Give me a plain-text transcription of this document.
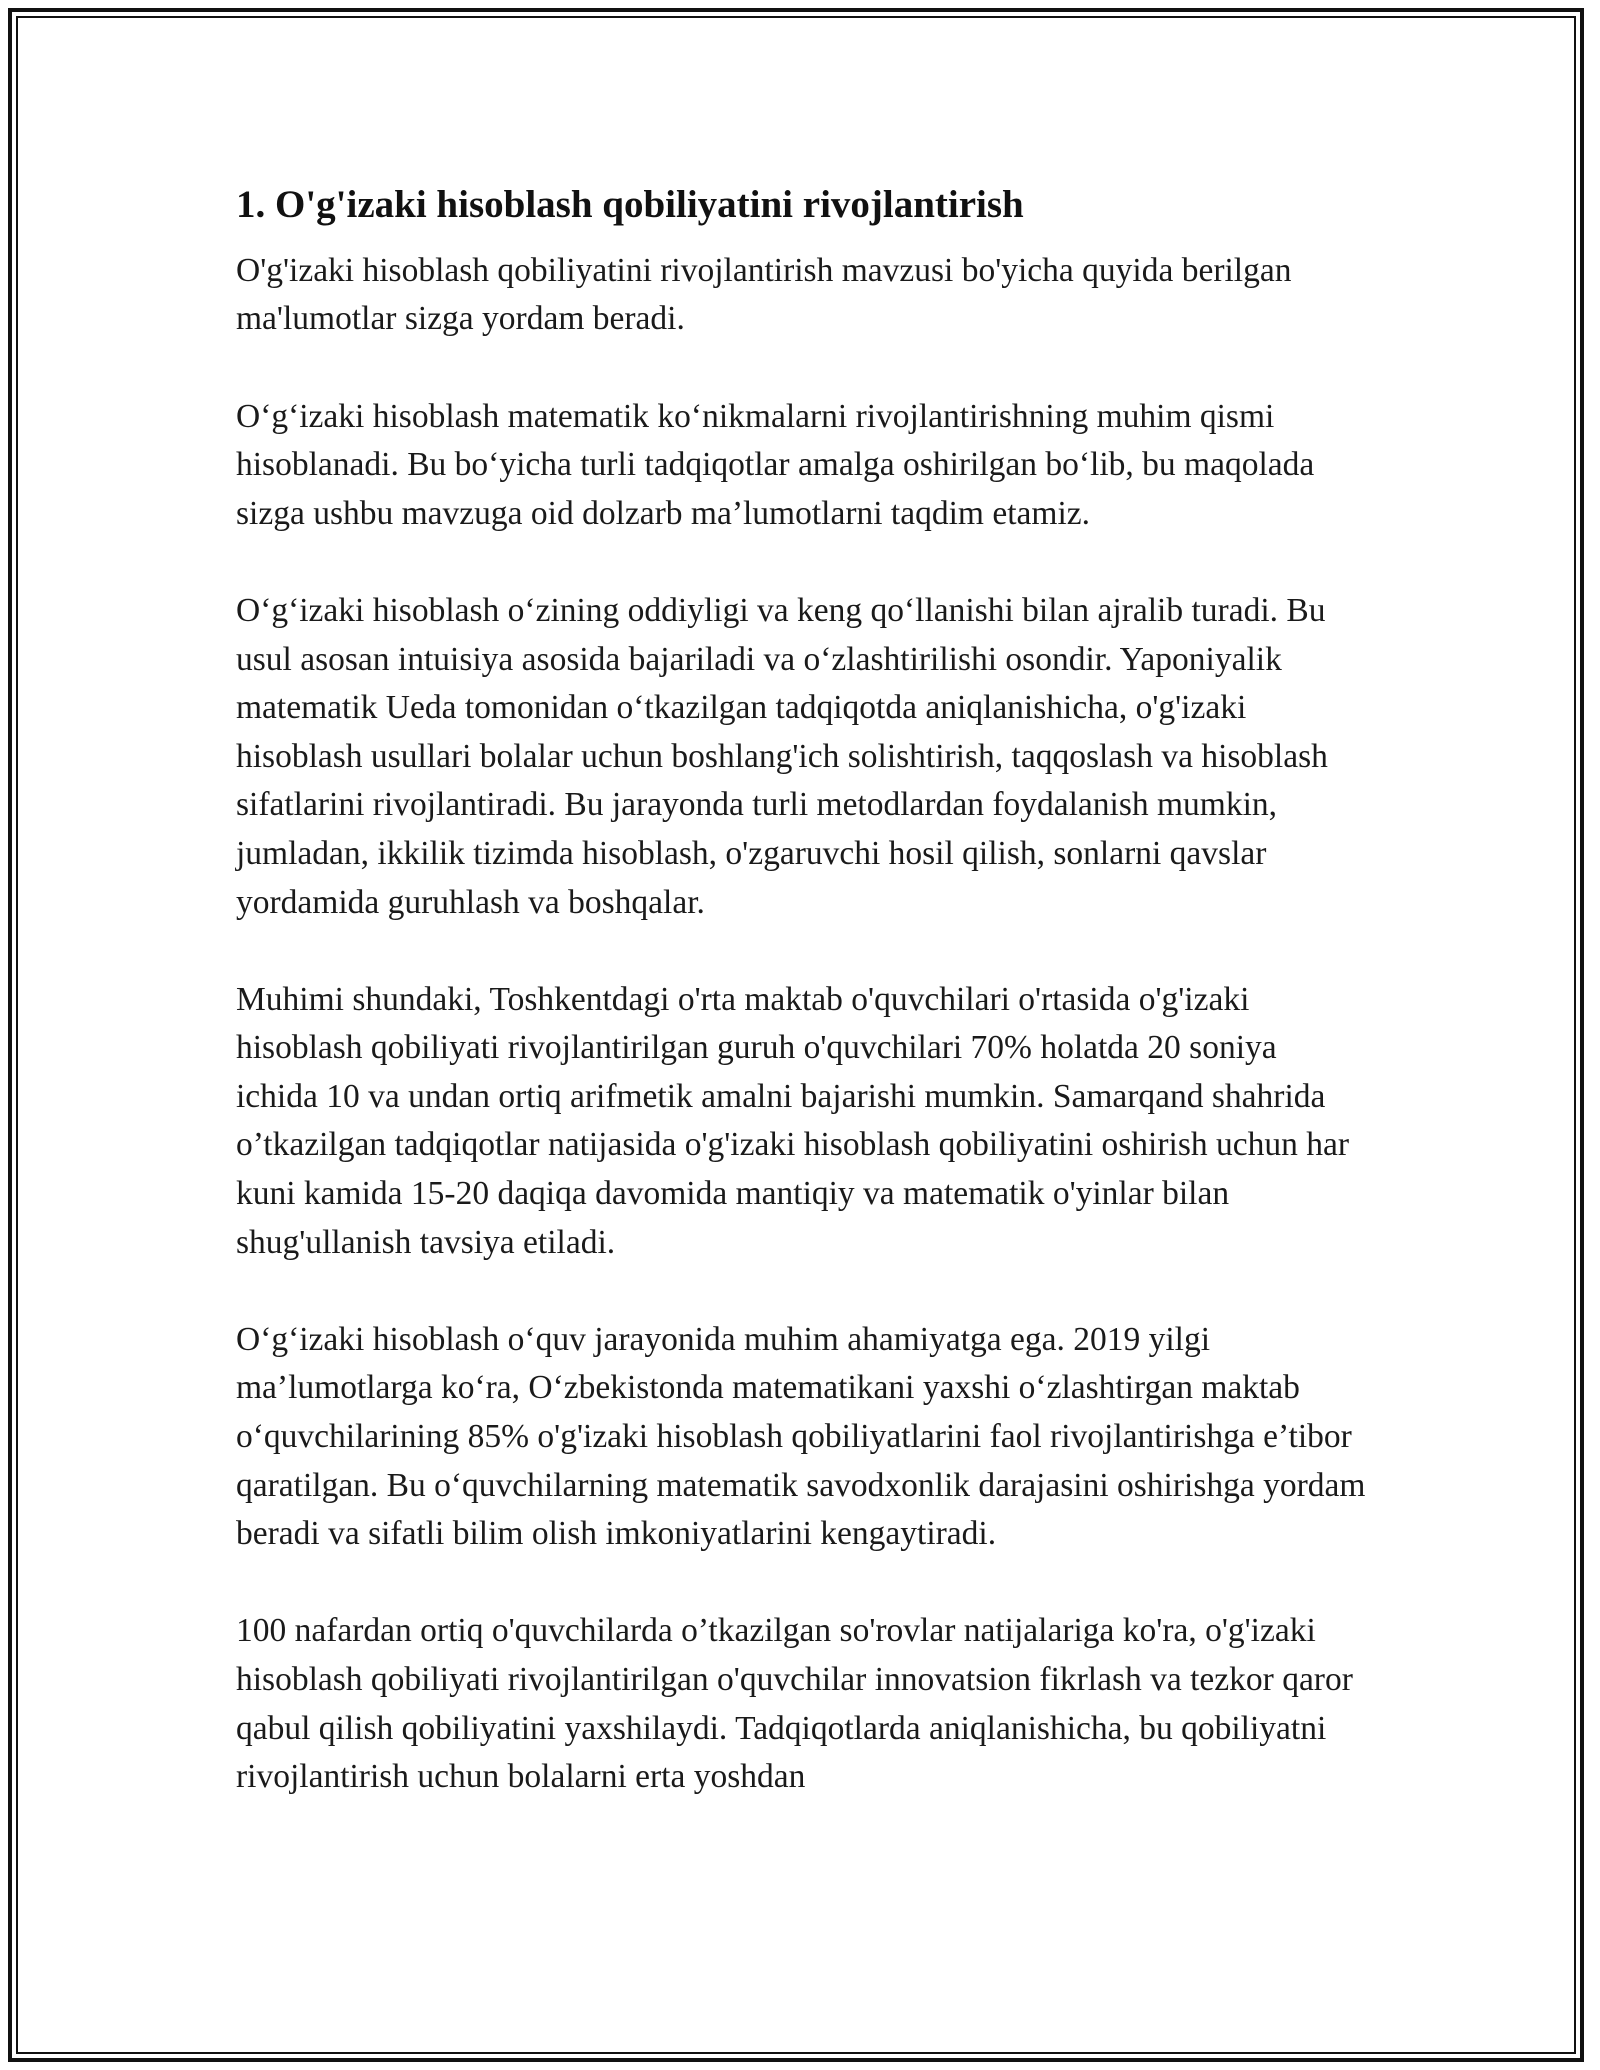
1. O'g'izaki hisoblash qobiliyatini rivojlantirish

O'g'izaki hisoblash qobiliyatini rivojlantirish mavzusi bo'yicha quyida berilgan ma'lumotlar sizga yordam beradi.

O‘g‘izaki hisoblash matematik ko‘nikmalarni rivojlantirishning muhim qismi hisoblanadi. Bu bo‘yicha turli tadqiqotlar amalga oshirilgan bo‘lib, bu maqolada sizga ushbu mavzuga oid dolzarb ma’lumotlarni taqdim etamiz.

O‘g‘izaki hisoblash o‘zining oddiyligi va keng qo‘llanishi bilan ajralib turadi. Bu usul asosan intuisiya asosida bajariladi va o‘zlashtirilishi osondir. Yaponiyalik matematik Ueda tomonidan o‘tkazilgan tadqiqotda aniqlanishicha, o'g'izaki hisoblash usullari bolalar uchun boshlang'ich solishtirish, taqqoslash va hisoblash sifatlarini rivojlantiradi. Bu jarayonda turli metodlardan foydalanish mumkin, jumladan, ikkilik tizimda hisoblash, o'zgaruvchi hosil qilish, sonlarni qavslar yordamida guruhlash va boshqalar.

Muhimi shundaki, Toshkentdagi o'rta maktab o'quvchilari o'rtasida o'g'izaki hisoblash qobiliyati rivojlantirilgan guruh o'quvchilari 70% holatda 20 soniya ichida 10 va undan ortiq arifmetik amalni bajarishi mumkin. Samarqand shahrida o’tkazilgan tadqiqotlar natijasida o'g'izaki hisoblash qobiliyatini oshirish uchun har kuni kamida 15-20 daqiqa davomida mantiqiy va matematik o'yinlar bilan shug'ullanish tavsiya etiladi.

O‘g‘izaki hisoblash o‘quv jarayonida muhim ahamiyatga ega. 2019 yilgi ma’lumotlarga ko‘ra, O‘zbekistonda matematikani yaxshi o‘zlashtirgan maktab o‘quvchilarining 85% o'g'izaki hisoblash qobiliyatlarini faol rivojlantirishga e’tibor qaratilgan. Bu o‘quvchilarning matematik savodxonlik darajasini oshirishga yordam beradi va sifatli bilim olish imkoniyatlarini kengaytiradi.

100 nafardan ortiq o'quvchilarda o’tkazilgan so'rovlar natijalariga ko'ra, o'g'izaki hisoblash qobiliyati rivojlantirilgan o'quvchilar innovatsion fikrlash va tezkor qaror qabul qilish qobiliyatini yaxshilaydi. Tadqiqotlarda aniqlanishicha, bu qobiliyatni rivojlantirish uchun bolalarni erta yoshdan
